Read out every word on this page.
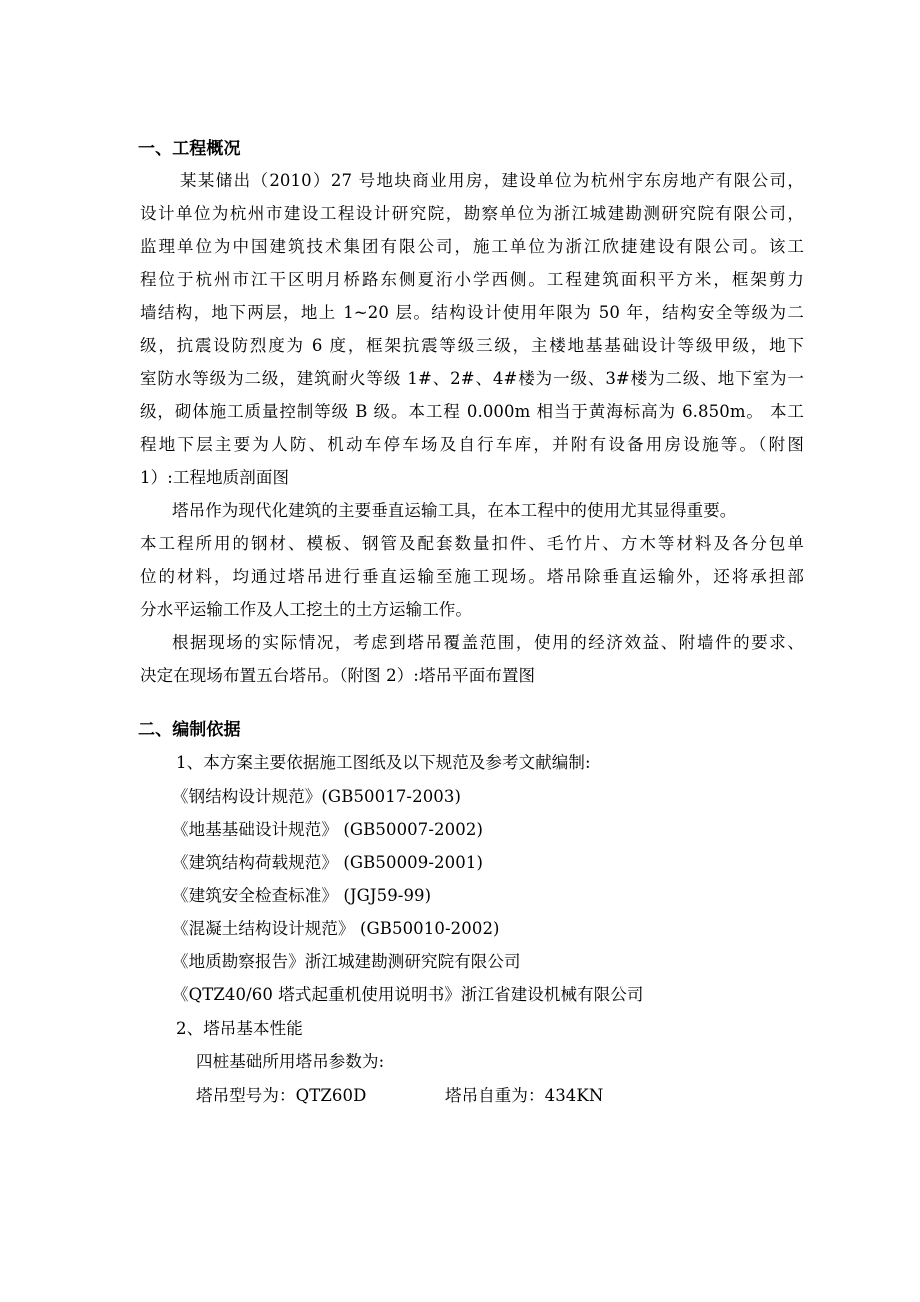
一、工程概况
某某储出（2010）27 号地块商业用房，建设单位为杭州宇东房地产有限公司，
设计单位为杭州市建设工程设计研究院，勘察单位为浙江城建勘测研究院有限公司，
监理单位为中国建筑技术集团有限公司，施工单位为浙江欣捷建设有限公司。该工
程位于杭州市江干区明月桥路东侧夏洐小学西侧。工程建筑面积平方米，框架剪力
墙结构，地下两层，地上 1~20 层。结构设计使用年限为 50 年，结构安全等级为二
级，抗震设防烈度为 6 度，框架抗震等级三级，主楼地基基础设计等级甲级，地下
室防水等级为二级，建筑耐火等级 1#、2#、4#楼为一级、3#楼为二级、地下室为一
级，砌体施工质量控制等级 B 级。本工程 0.000m 相当于黄海标高为 6.850m。 本工
程地下层主要为人防、机动车停车场及自行车库，并附有设备用房设施等。（附图
1）:工程地质剖面图
塔吊作为现代化建筑的主要垂直运输工具，在本工程中的使用尤其显得重要。
本工程所用的钢材、模板、钢管及配套数量扣件、毛竹片、方木等材料及各分包单
位的材料，均通过塔吊进行垂直运输至施工现场。塔吊除垂直运输外，还将承担部
分水平运输工作及人工挖土的土方运输工作。
根据现场的实际情况，考虑到塔吊覆盖范围，使用的经济效益、附墙件的要求、
决定在现场布置五台塔吊。（附图 2）:塔吊平面布置图
二、编制依据
1、本方案主要依据施工图纸及以下规范及参考文献编制:
《钢结构设计规范》(GB50017-2003)
《地基基础设计规范》 (GB50007-2002)
《建筑结构荷载规范》 (GB50009-2001)
《建筑安全检查标准》 (JGJ59-99)
《混凝土结构设计规范》 (GB50010-2002)
《地质勘察报告》浙江城建勘测研究院有限公司
《QTZ40/60 塔式起重机使用说明书》浙江省建设机械有限公司
2、塔吊基本性能
四桩基础所用塔吊参数为:
塔吊型号为：QTZ60D	塔吊自重为：434KN
